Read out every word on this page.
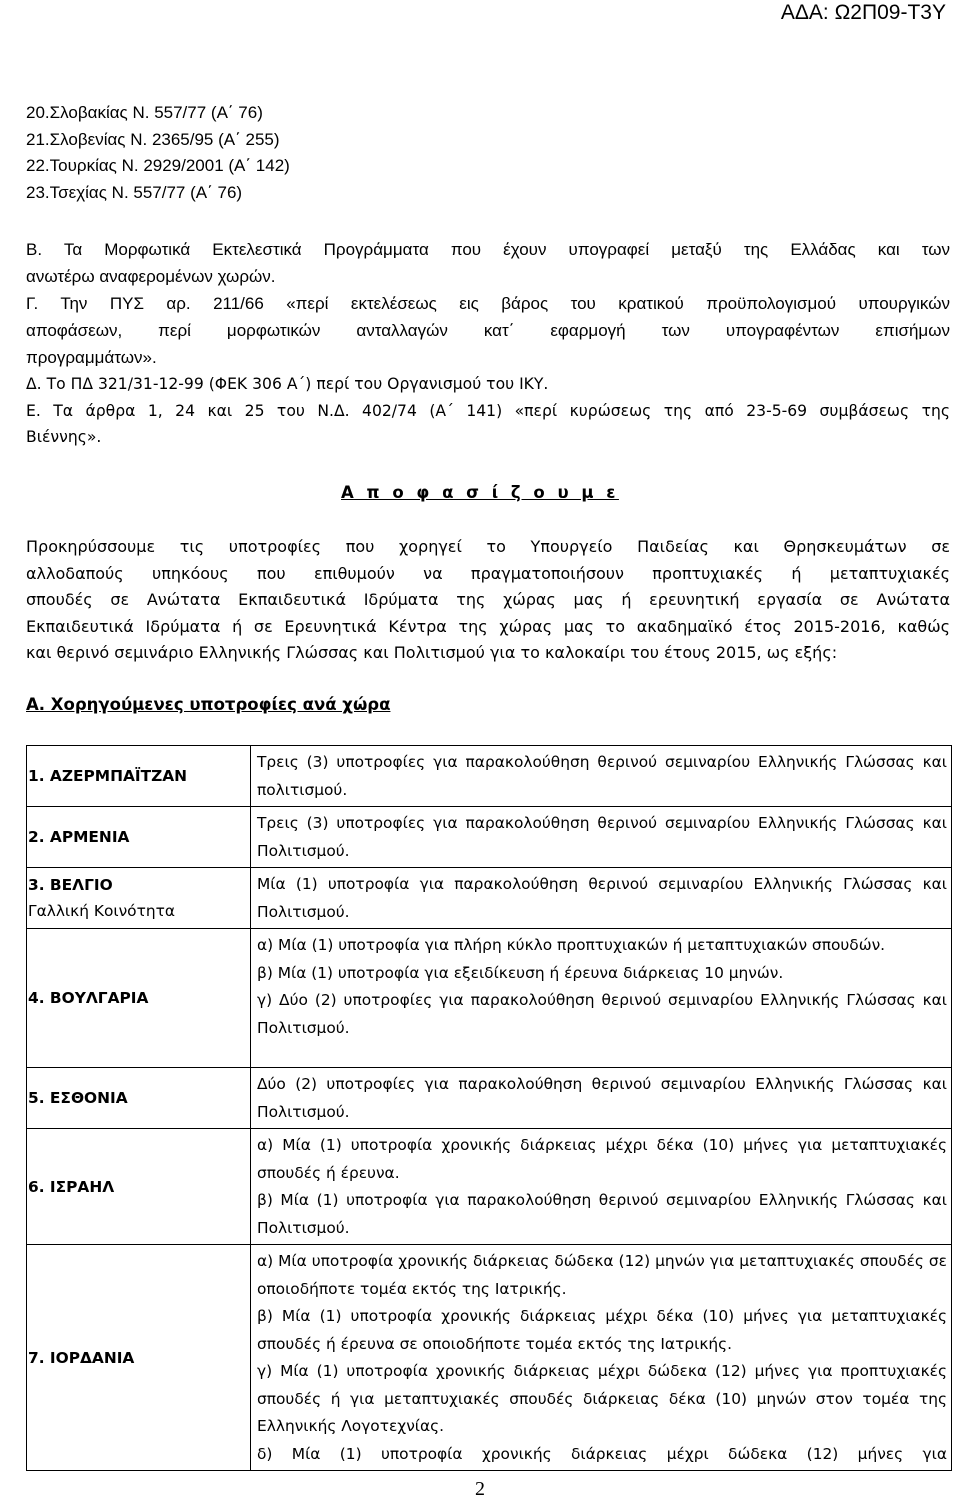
ΑΔΑ: Ω2Π09-Τ3Υ
20.Σλοβακίας Ν. 557/77 (Α΄ 76)
21.Σλοβενίας Ν. 2365/95 (Α΄ 255)
22.Τουρκίας Ν. 2929/2001 (Α΄ 142)
23.Τσεχίας Ν. 557/77 (Α΄ 76)
Β. Τα Μορφωτικά Εκτελεστικά Προγράμματα που έχουν υπογραφεί μεταξύ της Ελλάδας και των
ανωτέρω αναφερομένων χωρών.
Γ. Την ΠΥΣ αρ. 211/66 «περί εκτελέσεως εις βάρος του κρατικού προϋπολογισμού υπουργικών
αποφάσεων, περί μορφωτικών ανταλλαγών κατ΄ εφαρμογή των υπογραφέντων επισήμων
προγραμμάτων».
Δ. Το ΠΔ 321/31-12-99 (ΦΕΚ 306 Α΄) περί του Οργανισμού του ΙΚΥ.
Ε. Τα άρθρα 1, 24 και 25 του Ν.Δ. 402/74 (Α΄ 141) «περί κυρώσεως της από 23-5-69 συμβάσεως της
Βιέννης».
Α π ο φ α σ ί ζ ο υ μ ε
Προκηρύσσουμε τις υποτροφίες που χορηγεί το Υπουργείο Παιδείας και Θρησκευμάτων σε
αλλοδαπούς υπηκόους που επιθυμούν να πραγματοποιήσουν προπτυχιακές ή μεταπτυχιακές
σπουδές σε Ανώτατα Εκπαιδευτικά Ιδρύματα της χώρας μας ή ερευνητική εργασία σε Ανώτατα
Εκπαιδευτικά Ιδρύματα ή σε Ερευνητικά Κέντρα της χώρας μας το ακαδημαϊκό έτος 2015-2016, καθώς
και θερινό σεμινάριο Ελληνικής Γλώσσας και Πολιτισμού για το καλοκαίρι του έτους 2015, ως εξής:
Α. Χορηγούμενες υποτροφίες ανά χώρα
1. ΑΖΕΡΜΠΑΪΤΖΑΝ	Τρεις (3) υποτροφίες για παρακολούθηση θερινού σεμιναρίου Ελληνικής Γλώσσας και πολιτισμού.

2. ΑΡΜΕΝΙΑ	Τρεις (3) υποτροφίες για παρακολούθηση θερινού σεμιναρίου Ελληνικής Γλώσσας και Πολιτισμού.

3. ΒΕΛΓΙΟ
Γαλλική Κοινότητα	Μία (1) υποτροφία για παρακολούθηση θερινού σεμιναρίου Ελληνικής Γλώσσας και Πολιτισμού.

4. ΒΟΥΛΓΑΡΙΑ	α) Μία (1) υποτροφία για πλήρη κύκλο προπτυχιακών ή μεταπτυχιακών σπουδών.

β) Μία (1) υποτροφία για εξειδίκευση ή έρευνα διάρκειας 10 μηνών.

γ) Δύο (2) υποτροφίες για παρακολούθηση θερινού σεμιναρίου Ελληνικής Γλώσσας και Πολιτισμού.

5. ΕΣΘΟΝΙΑ	Δύο (2) υποτροφίες για παρακολούθηση θερινού σεμιναρίου Ελληνικής Γλώσσας και Πολιτισμού.

6. ΙΣΡΑΗΛ	α) Μία (1) υποτροφία χρονικής διάρκειας μέχρι δέκα (10) μήνες για μεταπτυχιακές σπουδές ή έρευνα.

β) Μία (1) υποτροφία για παρακολούθηση θερινού σεμιναρίου Ελληνικής Γλώσσας και Πολιτισμού.

7. ΙΟΡΔΑΝΙΑ	α) Μία υποτροφία χρονικής διάρκειας δώδεκα (12) μηνών για μεταπτυχιακές σπουδές σε οποιοδήποτε τομέα εκτός της Ιατρικής.

β) Μία (1) υποτροφία χρονικής διάρκειας μέχρι δέκα (10) μήνες για μεταπτυχιακές σπουδές ή έρευνα σε οποιοδήποτε τομέα εκτός της Ιατρικής.

γ) Μία (1) υποτροφία χρονικής διάρκειας μέχρι δώδεκα (12) μήνες για προπτυχιακές σπουδές ή για μεταπτυχιακές σπουδές διάρκειας δέκα (10) μηνών στον τομέα της Ελληνικής Λογοτεχνίας.

δ) Μία (1) υποτροφία χρονικής διάρκειας μέχρι δώδεκα (12) μήνες για

2
